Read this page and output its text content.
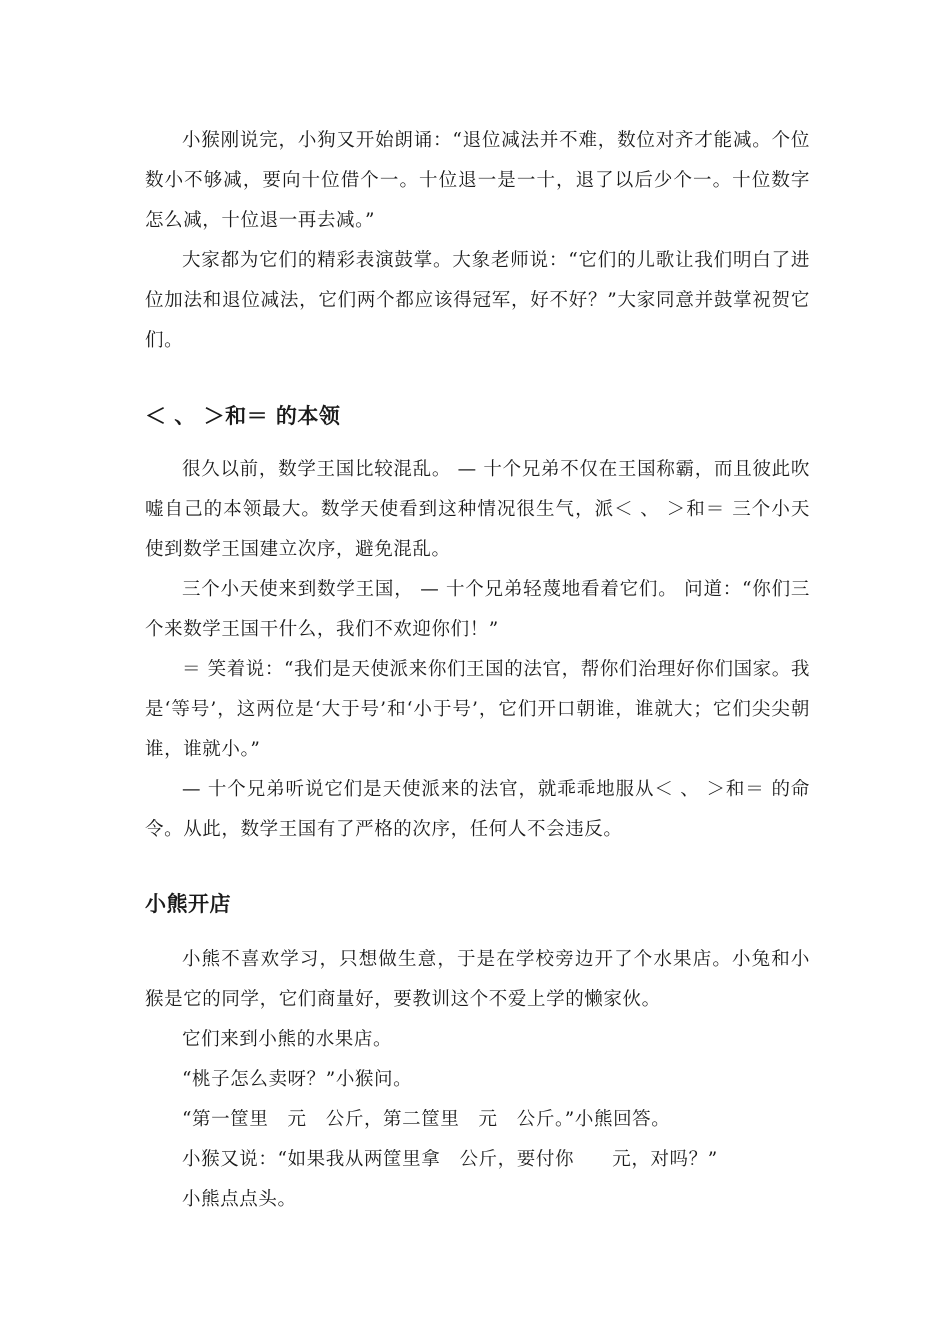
小猴刚说完，小狗又开始朗诵：“退位减法并不难，数位对齐才能减。个位数小不够减，要向十位借个一。十位退一是一十，退了以后少个一。十位数字怎么减，十位退一再去减。”

大家都为它们的精彩表演鼓掌。大象老师说：“它们的儿歌让我们明白了进位加法和退位减法，它们两个都应该得冠军，好不好？”大家同意并鼓掌祝贺它们。

＜ 、 ＞和＝ 的本领

很久以前，数学王国比较混乱。 — 十个兄弟不仅在王国称霸，而且彼此吹嘘自己的本领最大。数学天使看到这种情况很生气，派＜ 、 ＞和＝ 三个小天使到数学王国建立次序，避免混乱。

三个小天使来到数学王国， — 十个兄弟轻蔑地看着它们。 问道：“你们三个来数学王国干什么，我们不欢迎你们！”

＝ 笑着说：“我们是天使派来你们王国的法官，帮你们治理好你们国家。我是‘等号’，这两位是‘大于号’和‘小于号’，它们开口朝谁，谁就大；它们尖尖朝谁，谁就小。”

— 十个兄弟听说它们是天使派来的法官，就乖乖地服从＜ 、 ＞和＝ 的命令。从此，数学王国有了严格的次序，任何人不会违反。

小熊开店

小熊不喜欢学习，只想做生意，于是在学校旁边开了个水果店。小兔和小猴是它的同学，它们商量好，要教训这个不爱上学的懒家伙。

它们来到小熊的水果店。

“桃子怎么卖呀？”小猴问。

“第一筐里　元　公斤，第二筐里　元　公斤。”小熊回答。

小猴又说：“如果我从两筐里拿　公斤，要付你　　元，对吗？”

小熊点点头。
